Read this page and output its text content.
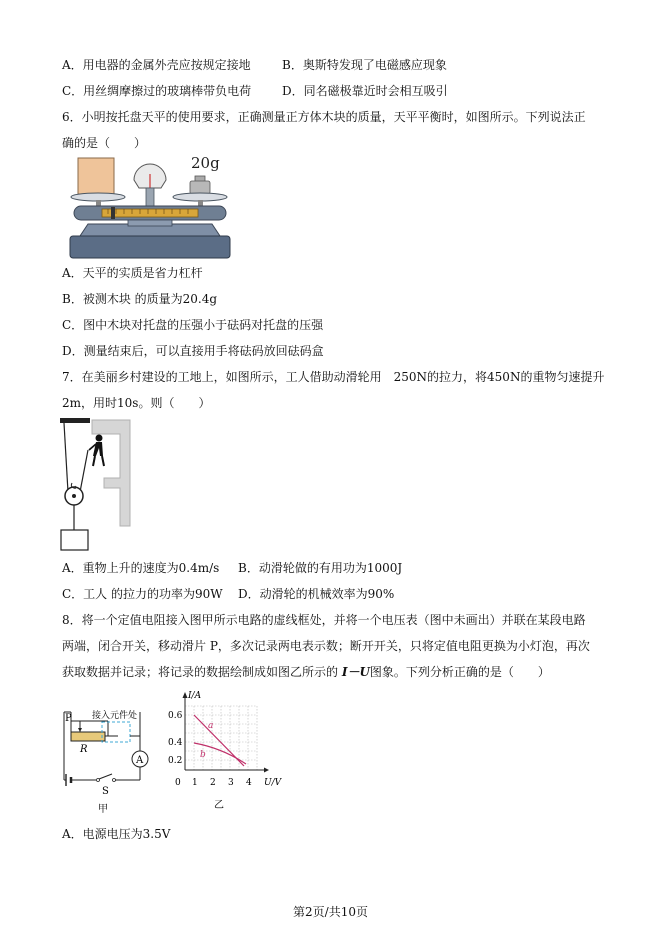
A．用电器的金属外壳应按规定接地	B．奥斯特发现了电磁感应现象
C．用丝绸摩擦过的玻璃棒带负电荷	D．同名磁极靠近时会相互吸引
6．小明按托盘天平的使用要求，正确测量正方体木块的质量，天平平衡时，如图所示。下列说法正
确的是（　　）
20g
A．天平的实质是省力杠杆
B．被测木块 的质量为20.4g
C．图中木块对托盘的压强小于砝码对托盘的压强
D．测量结束后，可以直接用手将砝码放回砝码盒
7．在美丽乡村建设的工地上，如图所示，工人借助动滑轮用　250N的拉力，将450N的重物匀速提升
2m，用时10s。则（　　）
A．重物上升的速度为0.4m/s B．动滑轮做的有用功为1000J
C．工人 的拉力的功率为90W D．动滑轮的机械效率为90%
8．将一个定值电阻接入图甲所示电路的虚线框处，并将一个电压表（图中未画出）并联在某段电路
两端，闭合开关，移动滑片 P，多次记录两电表示数；断开开关，只将定值电阻更换为小灯泡，再次
获取数据并记录；将记录的数据绘制成如图乙所示的 I－U图象。下列分析正确的是（　　）
S
A
P
R
接入元件处
甲
I/A
U/V
0.6
0.4
0.2
0 1 2 3 4
a
b
乙
A．电源电压为3.5V
第2页/共10页
